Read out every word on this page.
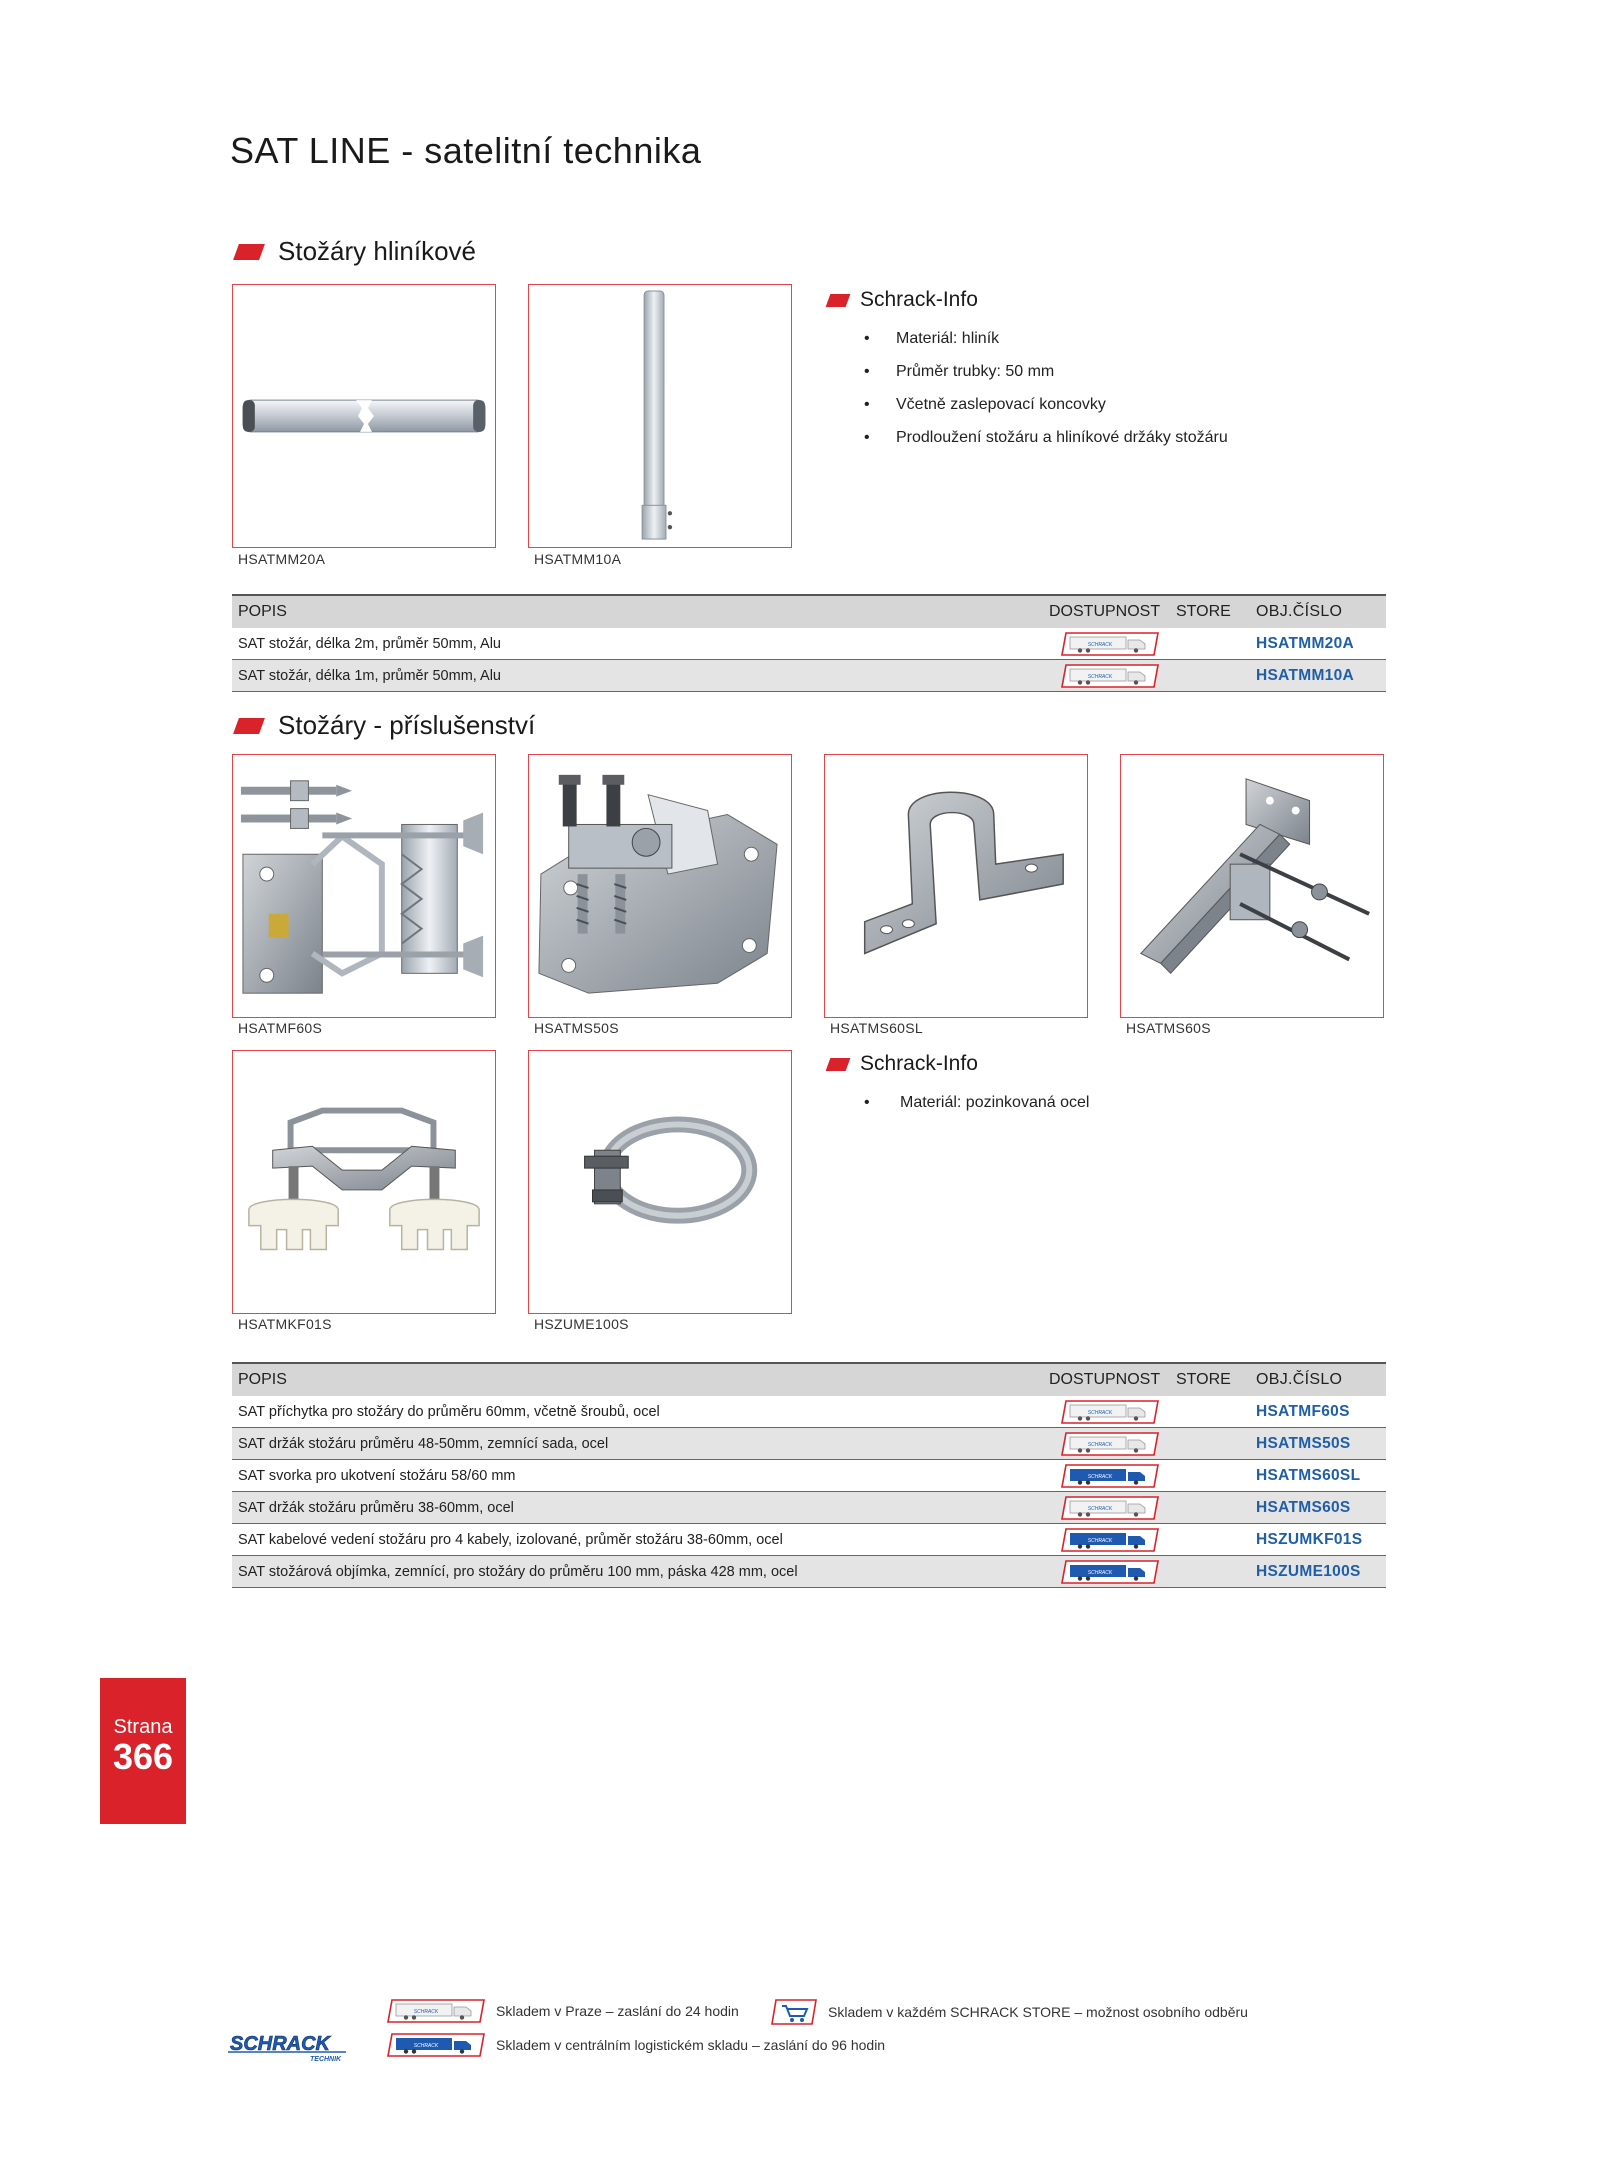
SAT LINE - satelitní technika
Stožáry hliníkové
HSATMM20A	HSATMM10A
Schrack-Info
• Materiál: hliník
• Průměr trubky: 50 mm
• Včetně zaslepovací koncovky
• Prodloužení stožáru a hliníkové držáky stožáru
POPIS	DOSTUPNOST STORE	OBJ.ČÍSLO
SAT stožár, délka 2m, průměr 50mm, Alu	HSATMM20A
SAT stožár, délka 1m, průměr 50mm, Alu	HSATMM10A
Stožáry - příslušenství
HSATMF60S	HSATMS50S	HSATMS60SL	HSATMS60S
HSATMKF01S	HSZUME100S
Schrack-Info
• Materiál: pozinkovaná ocel
POPIS	DOSTUPNOST STORE	OBJ.ČÍSLO
SAT příchytka pro stožáry do průměru 60mm, včetně šroubů, ocel	HSATMF60S
SAT držák stožáru průměru 48-50mm, zemnící sada, ocel	HSATMS50S
SAT svorka pro ukotvení stožáru 58/60 mm	HSATMS60SL
SAT držák stožáru průměru 38-60mm, ocel	HSATMS60S
SAT kabelové vedení stožáru pro 4 kabely, izolované, průměr stožáru 38-60mm, ocel	HSZUMKF01S
SAT stožárová objímka, zemnící, pro stožáry do průměru 100 mm, páska 428 mm, ocel	HSZUME100S
Strana
366
Skladem v Praze – zaslání do 24 hodin	Skladem v každém SCHRACK STORE – možnost osobního odběru
Skladem v centrálním logistickém skladu – zaslání do 96 hodin
SCHRACK
TECHNIK
